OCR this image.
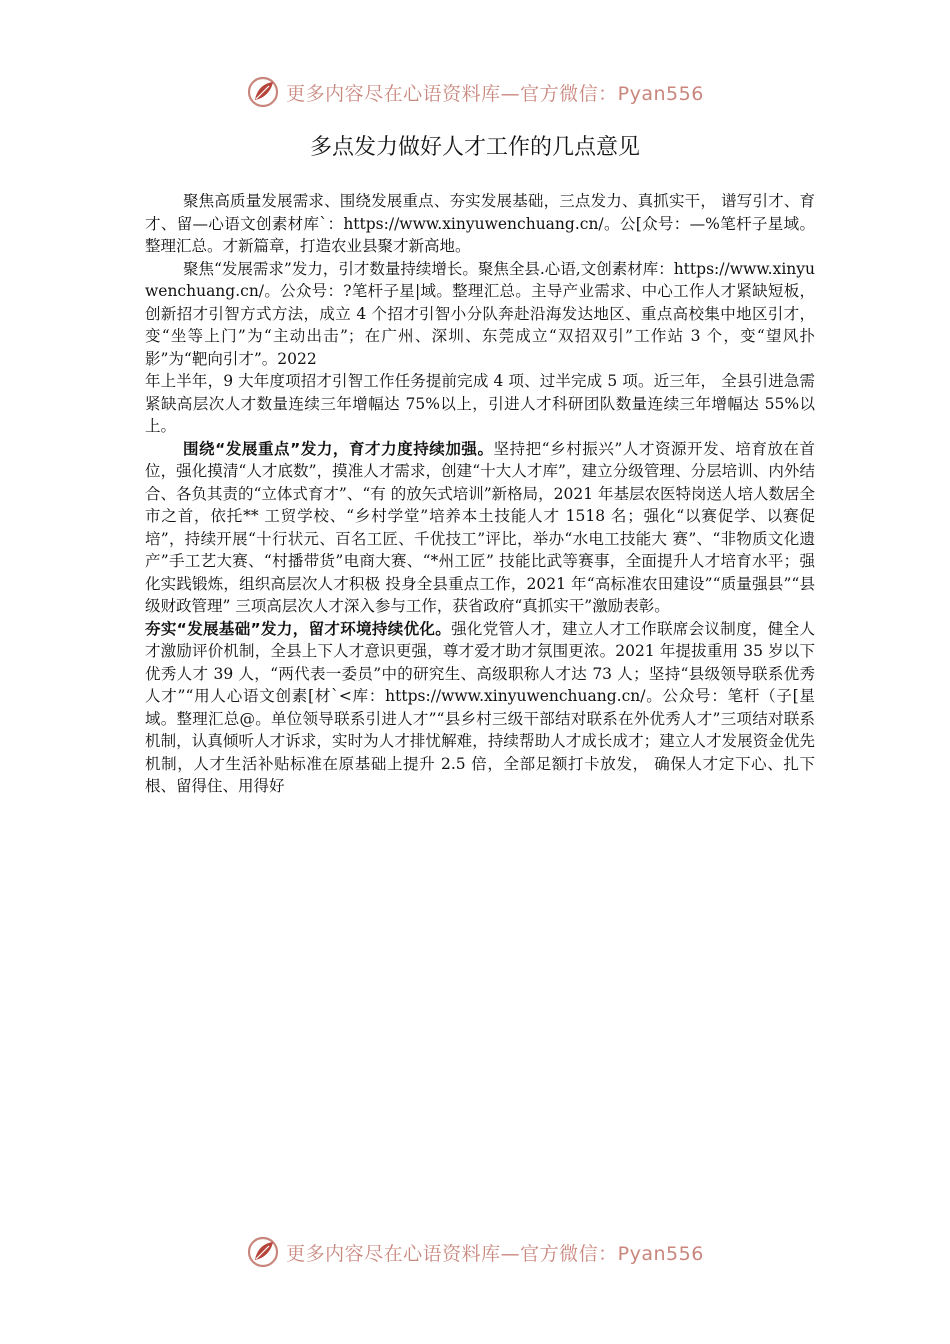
更多内容尽在心语资料库—官方微信：Pyan556
多点发力做好人才工作的几点意见

聚焦高质量发展需求、围绕发展重点、夯实发展基础，三点发力、真抓实干， 谱写引才、育才、留—心语文创素材库`：https://www.xinyuwenchuang.cn/。公[众号：—%笔杆子星域。整理汇总。才新篇章，打造农业县聚才新高地。

聚焦“发展需求”发力，引才数量持续增长。聚焦全县.心语,文创素材库：https://www.xinyuwenchuang.cn/。公众号：?笔杆子星|域。整理汇总。主导产业需求、中心工作人才紧缺短板，创新招才引智方式方法，成立 4 个招才引智小分队奔赴沿海发达地区、重点高校集中地区引才，变“坐等上门”为“主动出击”；在广州、深圳、东莞成立“双招双引”工作站 3 个，变“望风扑影”为“靶向引才”。2022

年上半年，9 大年度项招才引智工作任务提前完成 4 项、过半完成 5 项。近三年， 全县引进急需紧缺高层次人才数量连续三年增幅达 75%以上，引进人才科研团队数量连续三年增幅达 55%以上。

围绕“发展重点”发力，育才力度持续加强。坚持把“乡村振兴”人才资源开发、培育放在首位，强化摸清“人才底数”，摸准人才需求，创建“十大人才库”，建立分级管理、分层培训、内外结合、各负其责的“立体式育才”、“有 的放矢式培训”新格局，2021 年基层农医特岗送人培人数居全市之首，依托** 工贸学校、“乡村学堂”培养本土技能人才 1518 名；强化“以赛促学、以赛促培”，持续开展“十行状元、百名工匠、千优技工”评比，举办“水电工技能大 赛”、“非物质文化遗产”手工艺大赛、“村播带货”电商大赛、“*州工匠” 技能比武等赛事，全面提升人才培育水平；强化实践锻炼，组织高层次人才积极 投身全县重点工作，2021 年“高标准农田建设”“质量强县”“县级财政管理” 三项高层次人才深入参与工作，获省政府“真抓实干”激励表彰。

夯实“发展基础”发力，留才环境持续优化。强化党管人才，建立人才工作联席会议制度，健全人才激励评价机制，全县上下人才意识更强，尊才爱才助才氛围更浓。2021 年提拔重用 35 岁以下优秀人才 39 人，“两代表一委员”中的研究生、高级职称人才达 73 人；坚持“县级领导联系优秀人才”“用人心语文创素[材`<库：https://www.xinyuwenchuang.cn/。公众号：笔杆（子[星域。整理汇总@。单位领导联系引进人才”“县乡村三级干部结对联系在外优秀人才”三项结对联系机制，认真倾听人才诉求，实时为人才排忧解难，持续帮助人才成长成才；建立人才发展资金优先机制，人才生活补贴标准在原基础上提升 2.5 倍，全部足额打卡放发， 确保人才定下心、扎下根、留得住、用得好

更多内容尽在心语资料库—官方微信：Pyan556
